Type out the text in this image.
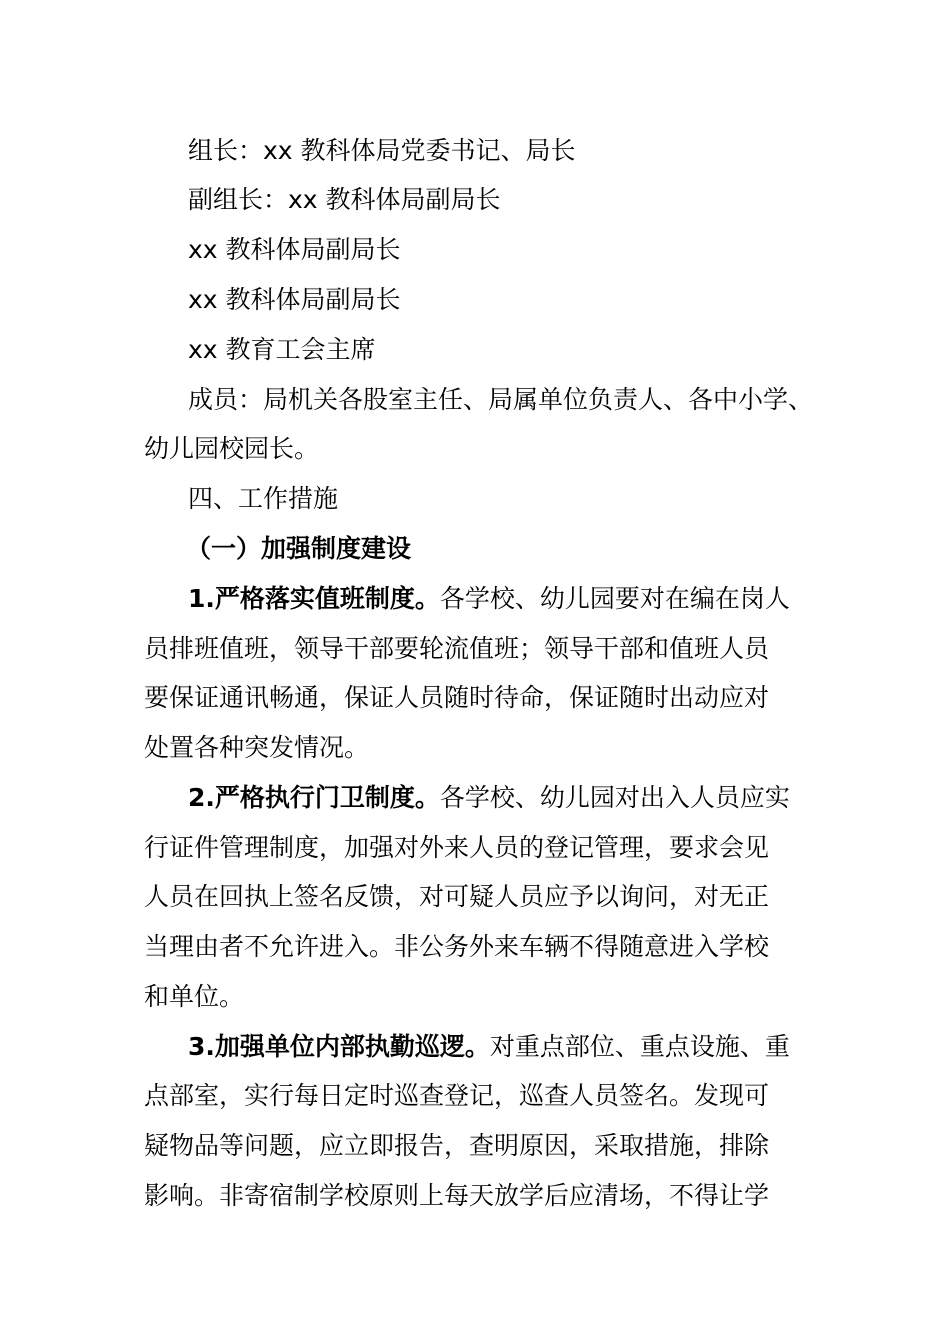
组长：xx 教科体局党委书记、局长
副组长：xx 教科体局副局长
xx 教科体局副局长
xx 教科体局副局长
xx 教育工会主席
成员：局机关各股室主任、局属单位负责人、各中小学、
幼儿园校园长。
四、工作措施
（一）加强制度建设
1.严格落实值班制度。各学校、幼儿园要对在编在岗人
员排班值班，领导干部要轮流值班；领导干部和值班人员
要保证通讯畅通，保证人员随时待命，保证随时出动应对
处置各种突发情况。
2.严格执行门卫制度。各学校、幼儿园对出入人员应实
行证件管理制度，加强对外来人员的登记管理，要求会见
人员在回执上签名反馈，对可疑人员应予以询问，对无正
当理由者不允许进入。非公务外来车辆不得随意进入学校
和单位。
3.加强单位内部执勤巡逻。对重点部位、重点设施、重
点部室，实行每日定时巡查登记，巡查人员签名。发现可
疑物品等问题，应立即报告，查明原因，采取措施，排除
影响。非寄宿制学校原则上每天放学后应清场，不得让学
